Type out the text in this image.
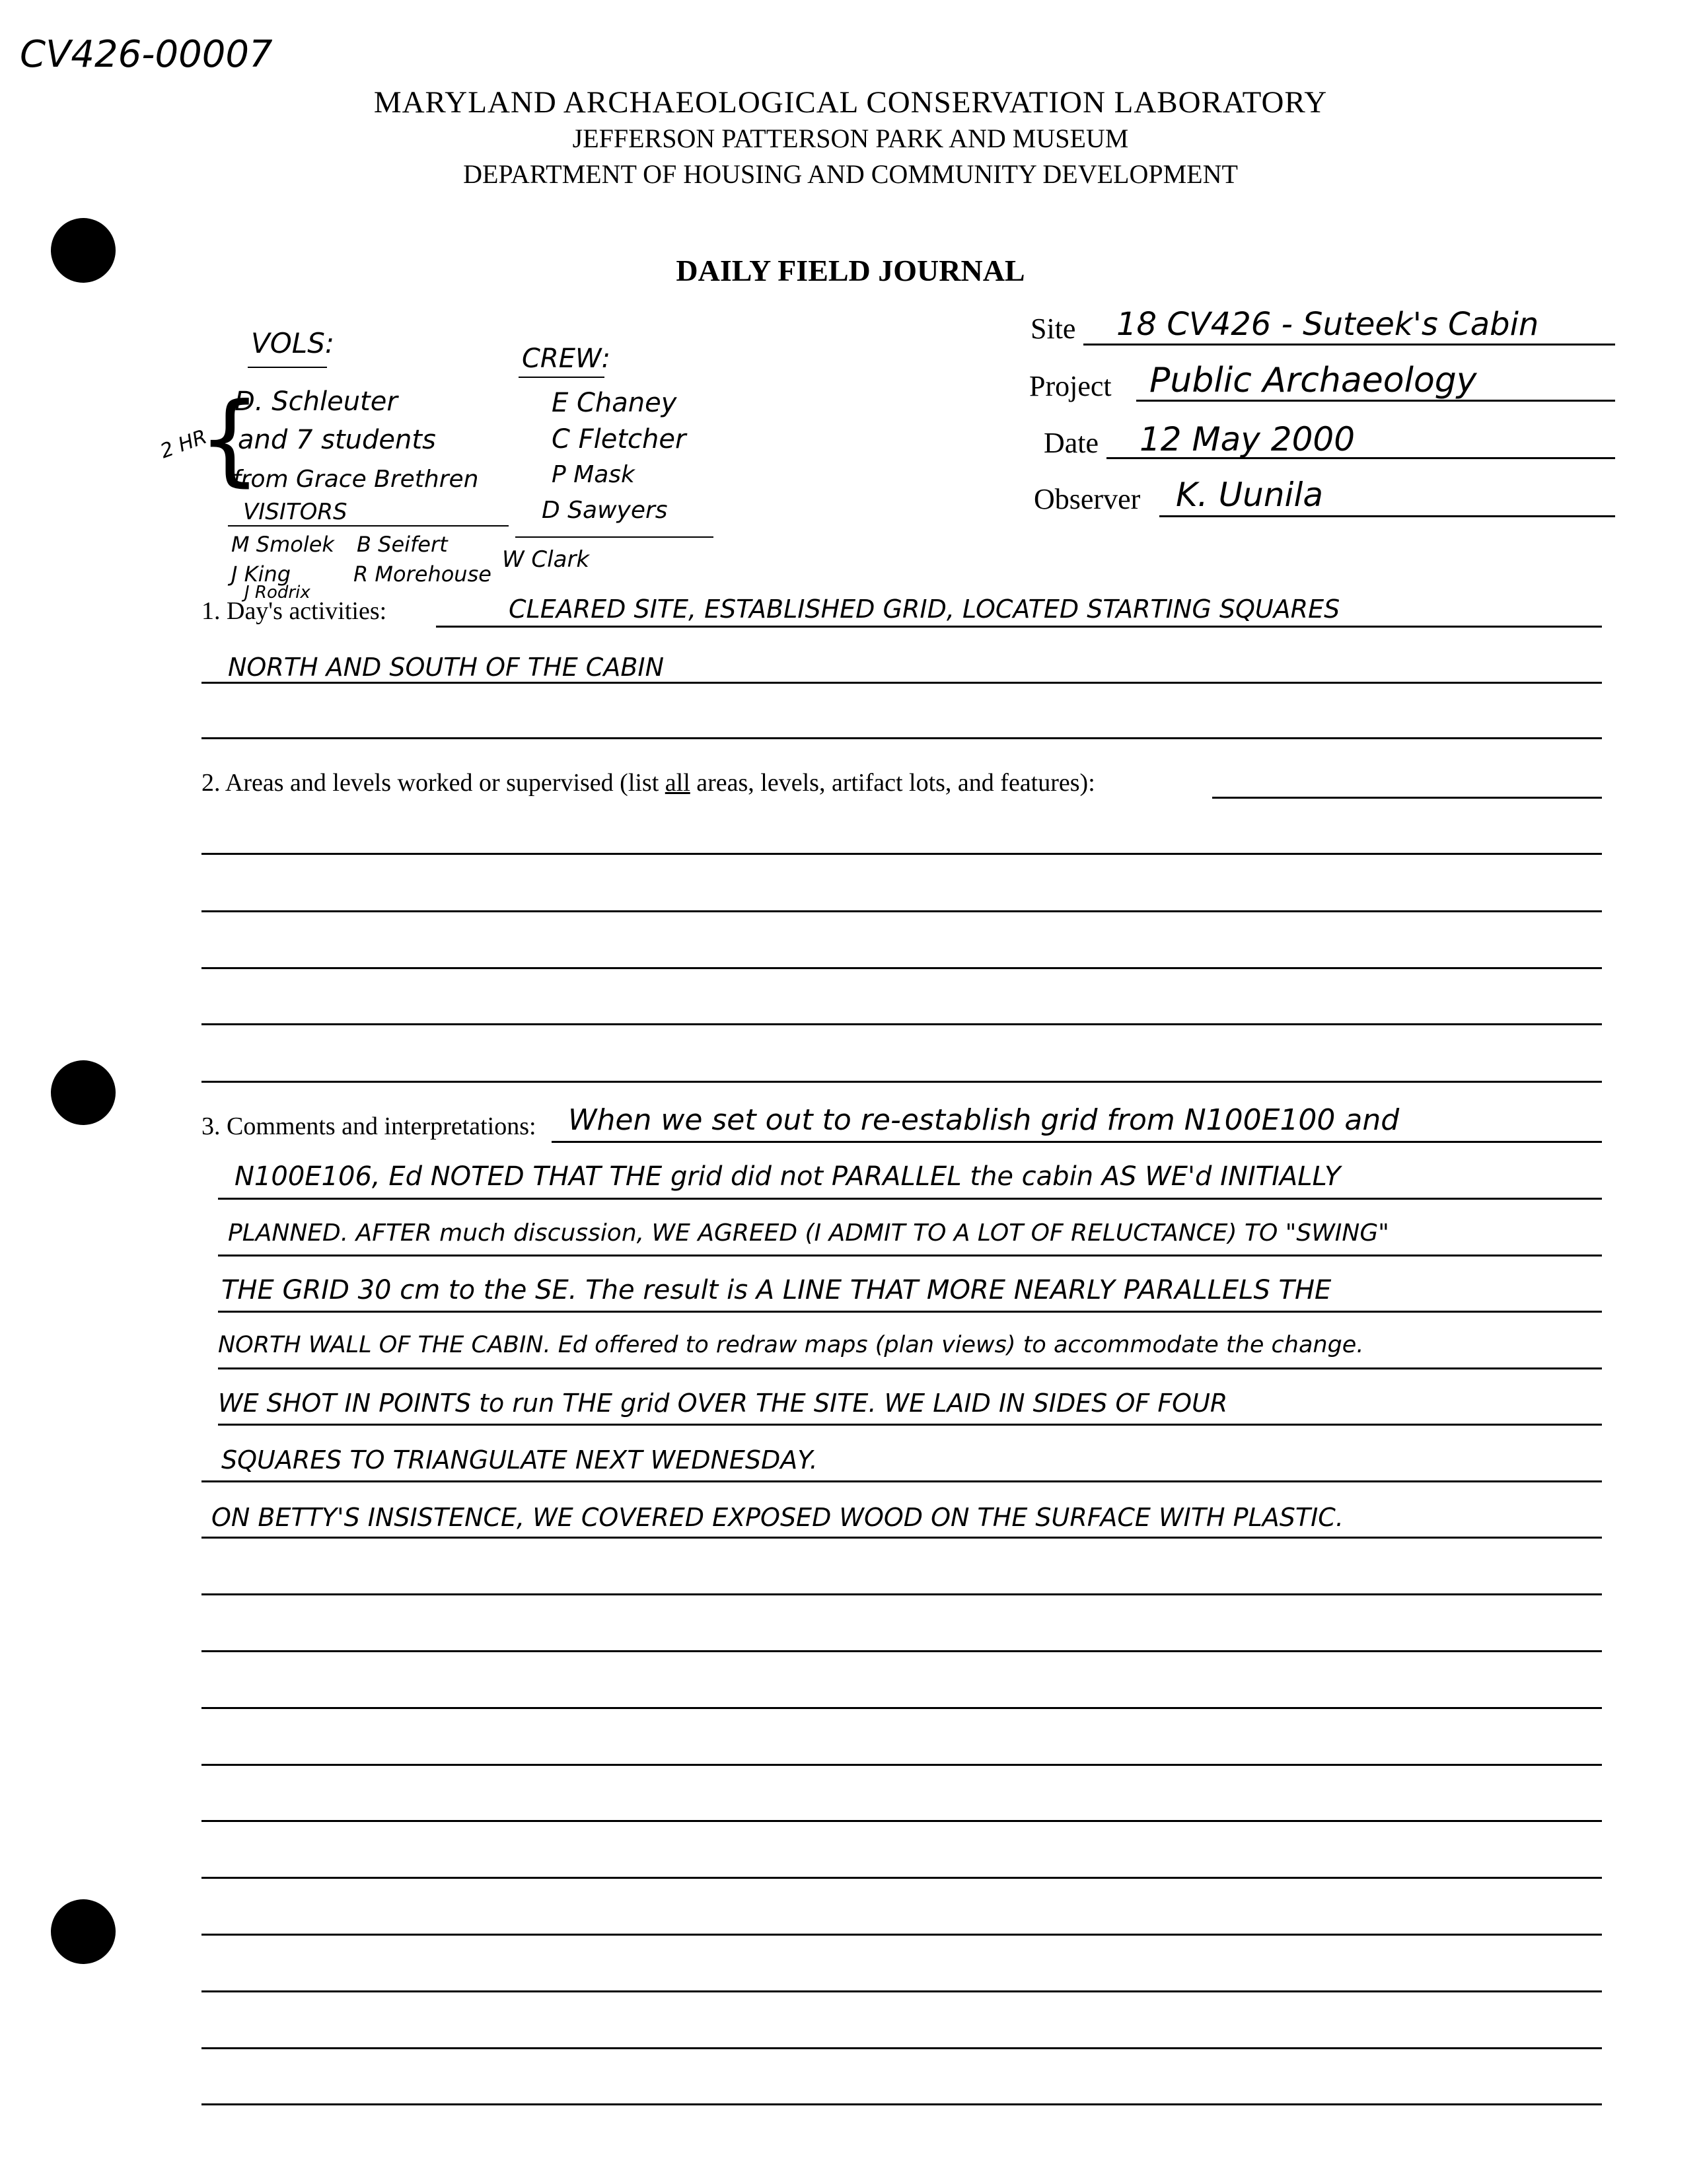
CV426-00007
MARYLAND ARCHAEOLOGICAL CONSERVATION LABORATORY
JEFFERSON PATTERSON PARK AND MUSEUM
DEPARTMENT OF HOUSING AND COMMUNITY DEVELOPMENT
DAILY FIELD JOURNAL
Site 18 CV426 - Suteek's Cabin
Project Public Archaeology
Date 12 May 2000
Observer K. Uunila
VOLS:
2 HR
{
D. Schleuter
and 7 students
from Grace Brethren
VISITORS
M Smolek B Seifert
J King	R Morehouse
J Rodrix
CREW:
E Chaney
C Fletcher
P Mask
D Sawyers
W Clark
1. Day's activities:	CLEARED SITE, ESTABLISHED GRID, LOCATED STARTING SQUARES
NORTH AND SOUTH OF THE CABIN
2. Areas and levels worked or supervised (list all areas, levels, artifact lots, and features):
3. Comments and interpretations: When we set out to re-establish grid from N100E100 and
N100E106, Ed NOTED THAT THE grid did not PARALLEL the cabin AS WE'd INITIALLY
PLANNED. AFTER much discussion, WE AGREED (I ADMIT TO A LOT OF RELUCTANCE) TO "SWING"
THE GRID 30 cm to the SE. The result is A LINE THAT MORE NEARLY PARALLELS THE
NORTH WALL OF THE CABIN. Ed offered to redraw maps (plan views) to accommodate the change.
WE SHOT IN POINTS to run THE grid OVER THE SITE. WE LAID IN SIDES OF FOUR
SQUARES TO TRIANGULATE NEXT WEDNESDAY.
ON BETTY'S INSISTENCE, WE COVERED EXPOSED WOOD ON THE SURFACE WITH PLASTIC.
